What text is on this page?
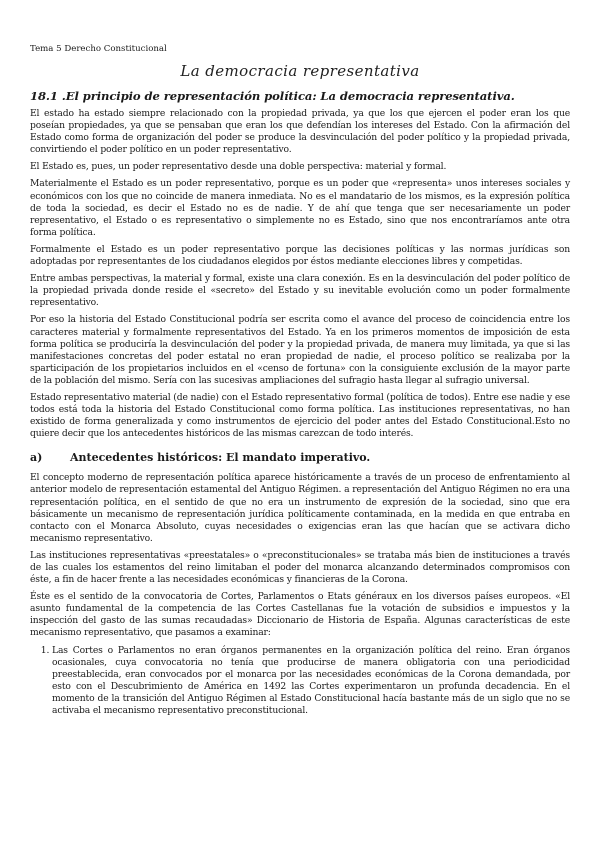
Tema 5 Derecho Constitucional
La democracia representativa
18.1 .El principio de representación política: La democracia representativa.

El estado ha estado siempre relacionado con la propiedad privada, ya que los que ejercen el poder eran los que poseían propiedades, ya que se pensaban que eran los que defendían los intereses del Estado. Con la afirmación del Estado como forma de organización del poder se produce la desvinculación del poder político y la propiedad privada, convirtiendo el poder político en un poder representativo.

El Estado es, pues, un poder representativo desde una doble perspectiva: material y formal.

Materialmente el Estado es un poder representativo, porque es un poder que «representa» unos intereses sociales y económicos con los que no coincide de manera inmediata. No es el mandatario de los mismos, es la expresión política de toda la sociedad, es decir el Estado no es de nadie. Y de ahí que tenga que ser necesariamente un poder representativo, el Estado o es representativo o simplemente no es Estado, sino que nos encontraríamos ante otra forma política.

Formalmente el Estado es un poder representativo porque las decisiones políticas y las normas jurídicas son adoptadas por representantes de los ciudadanos elegidos por éstos mediante elecciones libres y competidas.

Entre ambas perspectivas, la material y formal, existe una clara conexión. Es en la desvinculación del poder político de la propiedad privada donde reside el «secreto» del Estado y su inevitable evolución como un poder formalmente representativo.

Por eso la historia del Estado Constitucional podría ser escrita como el avance del proceso de coincidencia entre los caracteres material y formalmente representativos del Estado. Ya en los primeros momentos de imposición de esta forma política se produciría la desvinculación del poder y la propiedad privada, de manera muy limitada, ya que si las manifestaciones concretas del poder estatal no eran propiedad de nadie, el proceso político se realizaba por la sparticipación de los propietarios incluidos en el «censo de fortuna» con la consiguiente exclusión de la mayor parte de la población del mismo. Sería con las sucesivas ampliaciones del sufragio hasta llegar al sufragio universal.

Estado representativo material (de nadie) con el Estado representativo formal (política de todos). Entre ese nadie y ese todos está toda la historia del Estado Constitucional como forma política. Las instituciones representativas, no han existido de forma generalizada y como instrumentos de ejercicio del poder antes del Estado Constitucional.Esto no quiere decir que los antecedentes históricos de las mismas carezcan de todo interés.

a)	Antecedentes históricos: El mandato imperativo.

El concepto moderno de representación política aparece históricamente a través de un proceso de enfrentamiento al anterior modelo de representación estamental del Antiguo Régimen. a representación del Antiguo Régimen no era una representación política, en el sentido de que no era un instrumento de expresión de la sociedad, sino que era básicamente un mecanismo de representación jurídica políticamente contaminada, en la medida en que entraba en contacto con el Monarca Absoluto, cuyas necesidades o exigencias eran las que hacían que se activara dicho mecanismo representativo.

Las instituciones representativas «preestatales» o «preconstitucionales» se trataba más bien de instituciones a través de las cuales los estamentos del reino limitaban el poder del monarca alcanzando determinados compromisos con éste, a fin de hacer frente a las necesidades económicas y financieras de la Corona.

Éste es el sentido de la convocatoria de Cortes, Parlamentos o Etats généraux en los diversos países europeos. «El asunto fundamental de la competencia de las Cortes Castellanas fue la votación de subsidios e impuestos y la inspección del gasto de las sumas recaudadas» Diccionario de Historia de España. Algunas características de este mecanismo representativo, que pasamos a examinar:

1. Las Cortes o Parlamentos no eran órganos permanentes en la organización política del reino. Eran órganos ocasionales, cuya convocatoria no tenía que producirse de manera obligatoria con una periodicidad preestablecida, eran convocados por el monarca por las necesidades económicas de la Corona demandada, por esto con el Descubrimiento de América en 1492 las Cortes experimentaron un profunda decadencia. En el momento de la transición del Antiguo Régimen al Estado Constitucional hacía bastante más de un siglo que no se activaba el mecanismo representativo preconstitucional.
